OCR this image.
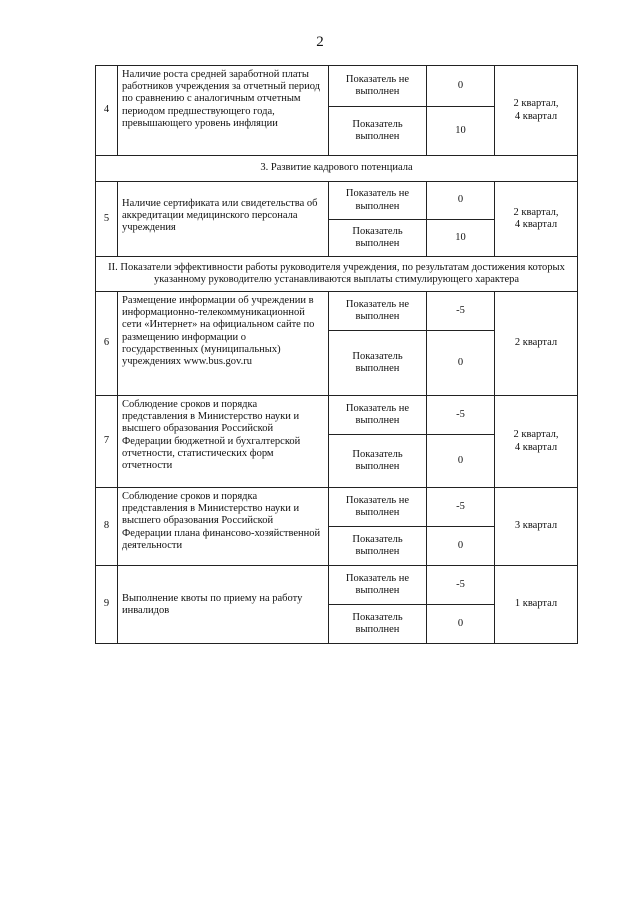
2
4	Наличие роста средней заработной платы работников учреждения за отчетный период по сравнению с аналогичным отчетным периодом предшествующего года, превышающего уровень инфляции	Показатель не выполнен	0	2 квартал,
4 квартал
		Показатель выполнен	10	
3. Развитие кадрового потенциала				
5	Наличие сертификата или свидетельства об аккредитации медицинского персонала учреждения	Показатель не выполнен	0	2 квартал,
4 квартал
		Показатель выполнен	10	
II. Показатели эффективности работы руководителя учреждения, по результатам достижения которых указанному руководителю устанавливаются выплаты стимулирующего характера				
6	Размещение информации об учреждении в информационно-телекоммуникационной сети «Интернет» на официальном сайте по размещению информации о государственных (муниципальных) учреждениях www.bus.gov.ru	Показатель не выполнен	-5	2 квартал
		Показатель выполнен	0	
7	Соблюдение сроков и порядка представления в Министерство науки и высшего образования Российской Федерации бюджетной и бухгалтерской отчетности, статистических форм отчетности	Показатель не выполнен	-5	2 квартал,
4 квартал
		Показатель выполнен	0	
8	Соблюдение сроков и порядка представления в Министерство науки и высшего образования Российской Федерации плана финансово-хозяйственной деятельности	Показатель не выполнен	-5	3 квартал
		Показатель выполнен	0	
9	Выполнение квоты по приему на работу инвалидов	Показатель не выполнен	-5	1 квартал
		Показатель выполнен	0	
